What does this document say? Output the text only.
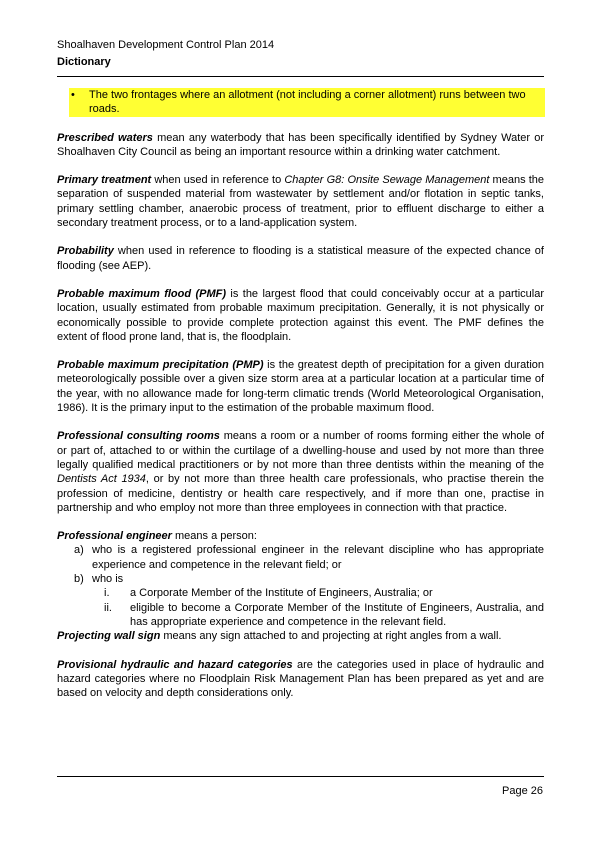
Shoalhaven Development Control Plan 2014
Dictionary
•	The two frontages where an allotment (not including a corner allotment) runs between two roads.

Prescribed waters mean any waterbody that has been specifically identified by Sydney Water or Shoalhaven City Council as being an important resource within a drinking water catchment.

Primary treatment when used in reference to Chapter G8: Onsite Sewage Management means the separation of suspended material from wastewater by settlement and/or flotation in septic tanks, primary settling chamber, anaerobic process of treatment, prior to effluent discharge to either a secondary treatment process, or to a land-application system.

Probability when used in reference to flooding is a statistical measure of the expected chance of flooding (see AEP).

Probable maximum flood (PMF) is the largest flood that could conceivably occur at a particular location, usually estimated from probable maximum precipitation. Generally, it is not physically or economically possible to provide complete protection against this event. The PMF defines the extent of flood prone land, that is, the floodplain.

Probable maximum precipitation (PMP) is the greatest depth of precipitation for a given duration meteorologically possible over a given size storm area at a particular location at a particular time of the year, with no allowance made for long-term climatic trends (World Meteorological Organisation, 1986). It is the primary input to the estimation of the probable maximum flood.

Professional consulting rooms means a room or a number of rooms forming either the whole of or part of, attached to or within the curtilage of a dwelling-house and used by not more than three legally qualified medical practitioners or by not more than three dentists within the meaning of the Dentists Act 1934, or by not more than three health care professionals, who practise therein the profession of medicine, dentistry or health care respectively, and if more than one, practise in partnership and who employ not more than three employees in connection with that practice.

Professional engineer means a person:
a) who is a registered professional engineer in the relevant discipline who has appropriate experience and competence in the relevant field; or
b) who is
i.	a Corporate Member of the Institute of Engineers, Australia; or
ii.	eligible to become a Corporate Member of the Institute of Engineers, Australia, and has appropriate experience and competence in the relevant field.

Projecting wall sign means any sign attached to and projecting at right angles from a wall.

Provisional hydraulic and hazard categories are the categories used in place of hydraulic and hazard categories where no Floodplain Risk Management Plan has been prepared as yet and are based on velocity and depth considerations only.

Page 26
